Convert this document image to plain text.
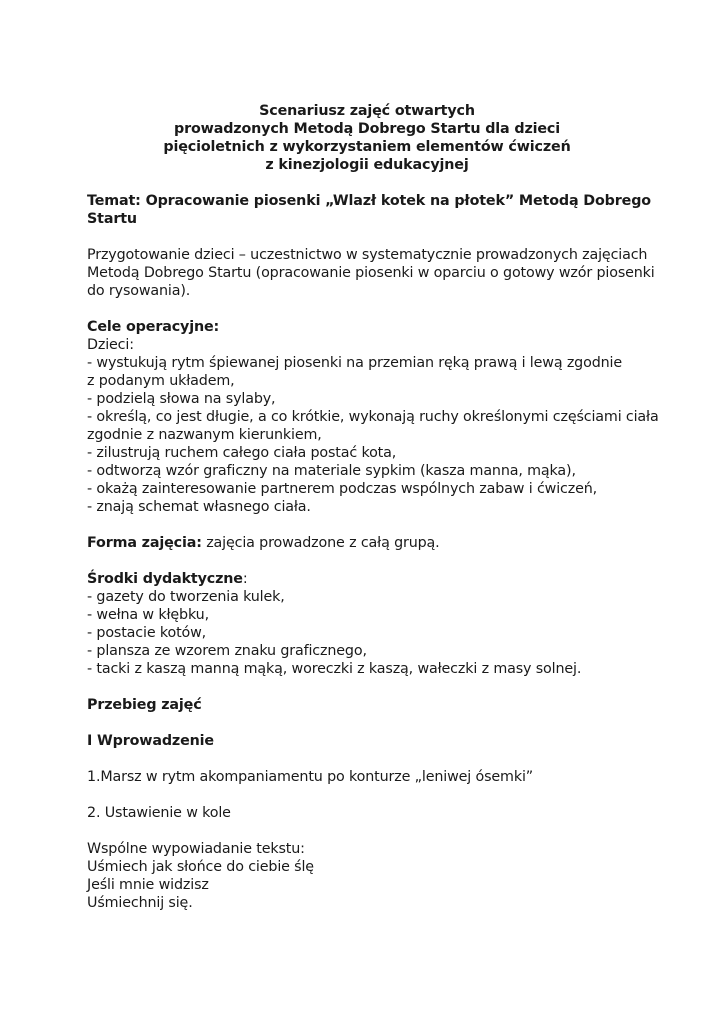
Scenariusz zajęć otwartych
prowadzonych Metodą Dobrego Startu dla dzieci
pięcioletnich z wykorzystaniem elementów ćwiczeń
z kinezjologii edukacyjnej
Temat: Opracowanie piosenki „Wlazł kotek na płotek” Metodą Dobrego
Startu
Przygotowanie dzieci – uczestnictwo w systematycznie prowadzonych zajęciach
Metodą Dobrego Startu (opracowanie piosenki w oparciu o gotowy wzór piosenki
do rysowania).
Cele operacyjne:
Dzieci:
- wystukują rytm śpiewanej piosenki na przemian ręką prawą i lewą zgodnie
z podanym układem,
- podzielą słowa na sylaby,
- określą, co jest długie, a co krótkie, wykonają ruchy określonymi częściami ciała
zgodnie z nazwanym kierunkiem,
- zilustrują ruchem całego ciała postać kota,
- odtworzą wzór graficzny na materiale sypkim (kasza manna, mąka),
- okażą zainteresowanie partnerem podczas wspólnych zabaw i ćwiczeń,
- znają schemat własnego ciała.
Forma zajęcia: zajęcia prowadzone z całą grupą.
Środki dydaktyczne:
- gazety do tworzenia kulek,
- wełna w kłębku,
- postacie kotów,
- plansza ze wzorem znaku graficznego,
- tacki z kaszą manną mąką, woreczki z kaszą, wałeczki z masy solnej.
Przebieg zajęć
I Wprowadzenie
1.Marsz w rytm akompaniamentu po konturze „leniwej ósemki”
2. Ustawienie w kole
Wspólne wypowiadanie tekstu:
Uśmiech jak słońce do ciebie ślę
Jeśli mnie widzisz
Uśmiechnij się.
